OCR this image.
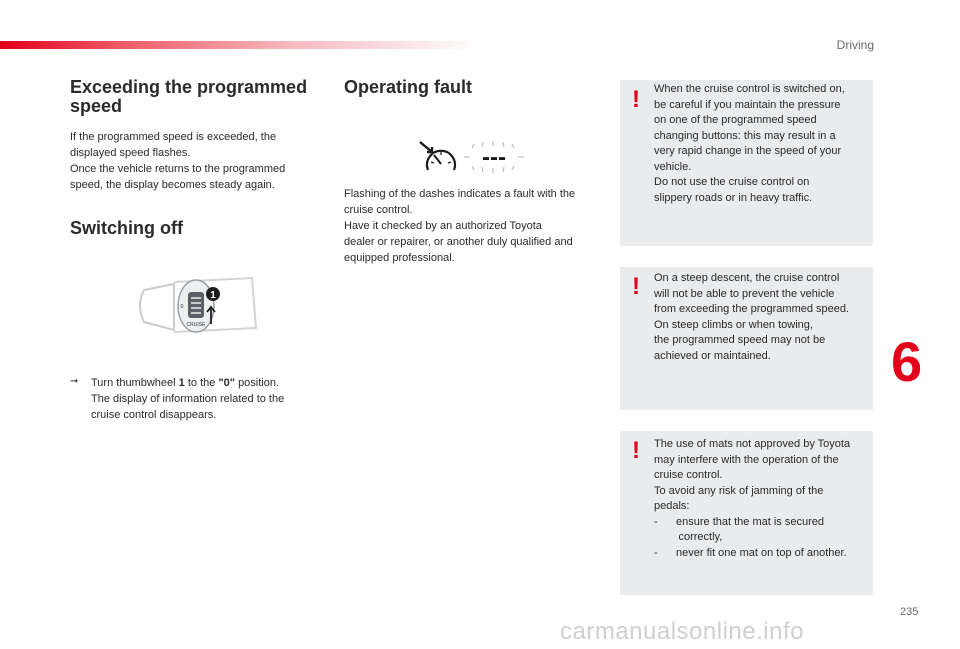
Driving
Exceeding the programmed
speed

If the programmed speed is exceeded, the

displayed speed flashes.

Once the vehicle returns to the programmed

speed, the display becomes steady again.

Switching off
1
CRUISE
0
➞ Turn thumbwheel 1 to the "0" position.

The display of information related to the

cruise control disappears.

Operating fault
---

Flashing of the dashes indicates a fault with the

cruise control.

Have it checked by an authorized Toyota

dealer or repairer, or another duly qualified and

equipped professional.

! When the cruise control is switched on,
be careful if you maintain the pressure
on one of the programmed speed
changing buttons: this may result in a
very rapid change in the speed of your
vehicle.
Do not use the cruise control on
slippery roads or in heavy traffic.

! On a steep descent, the cruise control
will not be able to prevent the vehicle
from exceeding the programmed speed.
On steep climbs or when towing,
the programmed speed may not be
achieved or maintained.

! The use of mats not approved by Toyota
may interfere with the operation of the
cruise control.
To avoid any risk of jamming of the
pedals:
-      ensure that the mat is secured
correctly,
-      never fit one mat on top of another.

6
235
carmanualsonline.info
